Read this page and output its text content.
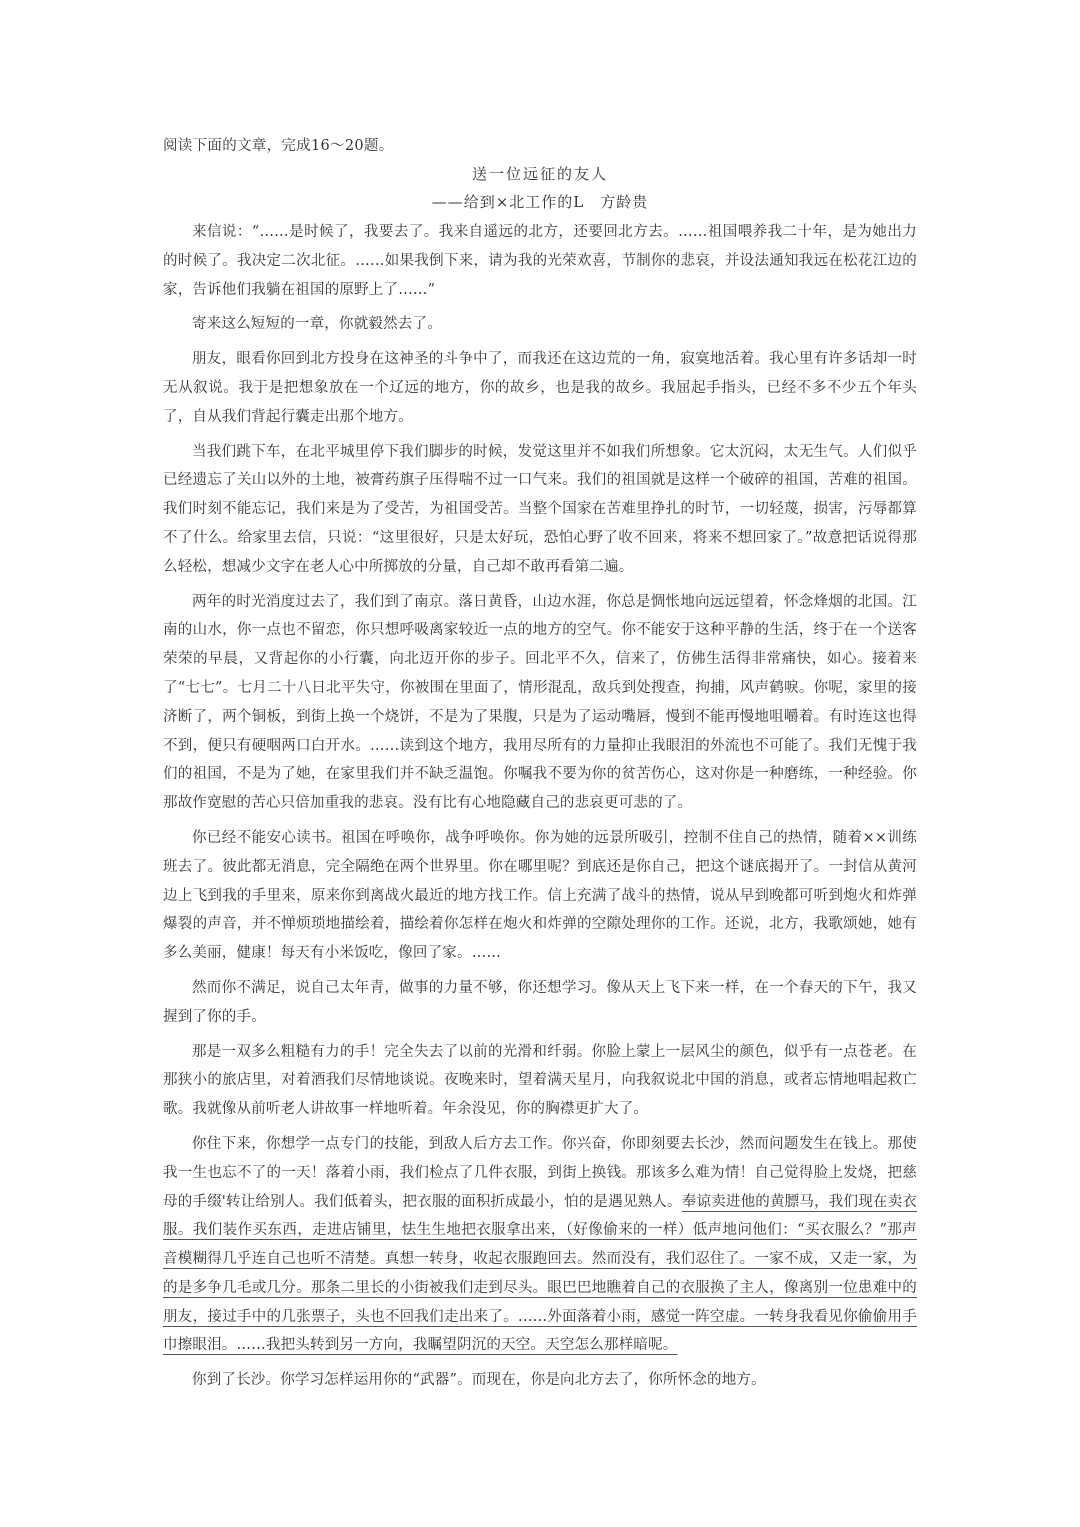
阅读下面的文章，完成16～20题。
送一位远征的友人
——给到×北工作的L　方龄贵

来信说：“……是时候了，我要去了。我来自遥远的北方，还要回北方去。……祖国喂养我二十年，是为她出力的时候了。我决定二次北征。……如果我倒下来，请为我的光荣欢喜，节制你的悲哀，并设法通知我远在松花江边的家，告诉他们我躺在祖国的原野上了……”

寄来这么短短的一章，你就毅然去了。

朋友，眼看你回到北方投身在这神圣的斗争中了，而我还在这边荒的一角，寂寞地活着。我心里有许多话却一时无从叙说。我于是把想象放在一个辽远的地方，你的故乡，也是我的故乡。我屈起手指头，已经不多不少五个年头了，自从我们背起行囊走出那个地方。

当我们跳下车，在北平城里停下我们脚步的时候，发觉这里并不如我们所想象。它太沉闷，太无生气。人们似乎已经遗忘了关山以外的土地，被膏药旗子压得喘不过一口气来。我们的祖国就是这样一个破碎的祖国，苦难的祖国。我们时刻不能忘记，我们来是为了受苦，为祖国受苦。当整个国家在苦难里挣扎的时节，一切轻蔑，损害，污辱都算不了什么。给家里去信，只说：“这里很好，只是太好玩，恐怕心野了收不回来，将来不想回家了。”故意把话说得那么轻松，想减少文字在老人心中所掷放的分量，自己却不敢再看第二遍。

两年的时光消度过去了，我们到了南京。落日黄昏，山边水涯，你总是惆怅地向远远望着，怀念烽烟的北国。江南的山水，你一点也不留恋，你只想呼吸离家较近一点的地方的空气。你不能安于这种平静的生活，终于在一个送客荣荣的早晨，又背起你的小行囊，向北迈开你的步子。回北平不久，信来了，仿佛生活得非常痛快，如心。接着来了“七七”。七月二十八日北平失守，你被围在里面了，情形混乱，敌兵到处搜查，拘捕，风声鹤唳。你呢，家里的接济断了，两个铜板，到街上换一个烧饼，不是为了果腹，只是为了运动嘴唇，慢到不能再慢地咀嚼着。有时连这也得不到，便只有硬咽两口白开水。……读到这个地方，我用尽所有的力量抑止我眼泪的外流也不可能了。我们无愧于我们的祖国，不是为了她，在家里我们并不缺乏温饱。你嘱我不要为你的贫苦伤心，这对你是一种磨练，一种经验。你那故作宽慰的苦心只倍加重我的悲哀。没有比有心地隐藏自己的悲哀更可悲的了。

你已经不能安心读书。祖国在呼唤你，战争呼唤你。你为她的远景所吸引，控制不住自己的热情，随着××训练班去了。彼此都无消息，完全隔绝在两个世界里。你在哪里呢？到底还是你自己，把这个谜底揭开了。一封信从黄河边上飞到我的手里来，原来你到离战火最近的地方找工作。信上充满了战斗的热情，说从早到晚都可听到炮火和炸弹爆裂的声音，并不惮烦琐地描绘着，描绘着你怎样在炮火和炸弹的空隙处理你的工作。还说，北方，我歌颂她，她有多么美丽，健康！每天有小米饭吃，像回了家。……

然而你不满足，说自己太年青，做事的力量不够，你还想学习。像从天上飞下来一样，在一个春天的下午，我又握到了你的手。

那是一双多么粗糙有力的手！完全失去了以前的光滑和纤弱。你脸上蒙上一层风尘的颜色，似乎有一点苍老。在那狭小的旅店里，对着酒我们尽情地谈说。夜晚来时，望着满天星月，向我叙说北中国的消息，或者忘情地唱起救亡歌。我就像从前听老人讲故事一样地听着。年余没见，你的胸襟更扩大了。

你住下来，你想学一点专门的技能，到敌人后方去工作。你兴奋，你即刻要去长沙，然而问题发生在钱上。那使我一生也忘不了的一天！落着小雨，我们检点了几件衣服，到街上换钱。那该多么难为情！自己觉得脸上发烧，把慈母的手缀'转让给别人。我们低着头，把衣服的面积折成最小，怕的是遇见熟人。奉谅卖进他的黄膘马，我们现在卖衣服。我们装作买东西，走进店铺里，怯生生地把衣服拿出来，（好像偷来的一样）低声地问他们：“买衣服么？”那声音模糊得几乎连自己也听不清楚。真想一转身，收起衣服跑回去。然而没有，我们忍住了。一家不成，又走一家，为的是多争几毛或几分。那条二里长的小街被我们走到尽头。眼巴巴地瞧着自己的衣服换了主人，像离别一位患难中的朋友，接过手中的几张票子，头也不回我们走出来了。……外面落着小雨，感觉一阵空虚。一转身我看见你偷偷用手巾擦眼泪。……我把头转到另一方向，我瞩望阴沉的天空。天空怎么那样暗呢。

你到了长沙。你学习怎样运用你的“武器”。而现在，你是向北方去了，你所怀念的地方。
